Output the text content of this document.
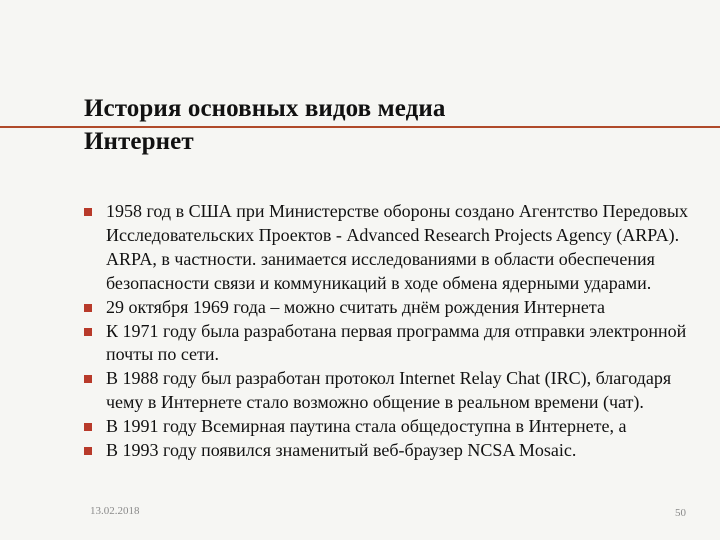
История основных видов медиа
Интернет
1958 год в США при Министерстве обороны создано Агентство Передовых Исследовательских Проектов - Advanced Research Projects Agency (ARPA). ARPA, в частности. занимается исследованиями в области обеспечения безопасности связи и коммуникаций в ходе обмена ядерными ударами.
29 октября 1969 года – можно считать днём рождения Интернета
К 1971 году была разработана первая программа для отправки электронной почты по сети.
В 1988 году был разработан протокол Internet Relay Chat (IRC), благодаря чему в Интернете стало возможно общение в реальном времени (чат).
В 1991 году Всемирная паутина стала общедоступна в Интернете, а
В 1993 году появился знаменитый веб-браузер NCSA Mosaic.
13.02.2018	50
